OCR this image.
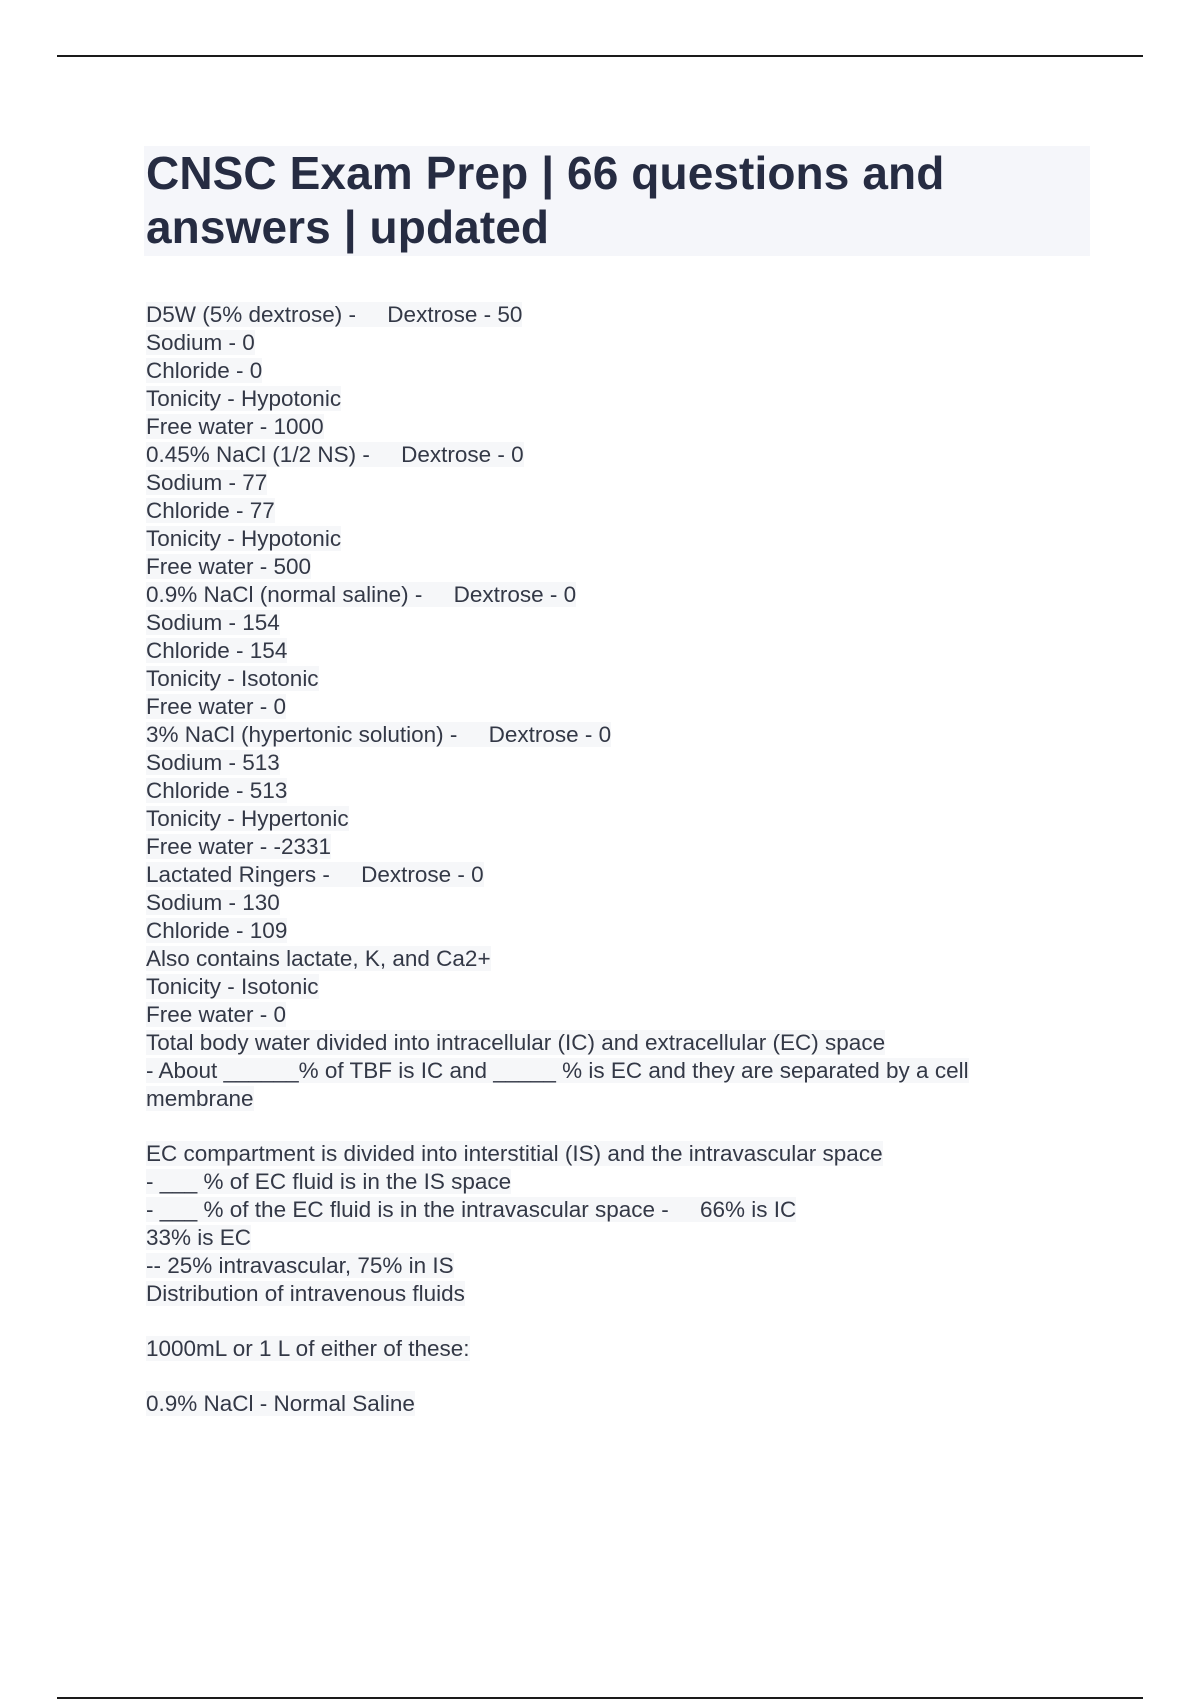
CNSC Exam Prep | 66 questions and answers | updated
D5W (5% dextrose) -     Dextrose - 50
Sodium - 0
Chloride - 0
Tonicity - Hypotonic
Free water - 1000
0.45% NaCl (1/2 NS) -     Dextrose - 0
Sodium - 77
Chloride - 77
Tonicity - Hypotonic
Free water - 500
0.9% NaCl (normal saline) -     Dextrose - 0
Sodium - 154
Chloride - 154
Tonicity - Isotonic
Free water - 0
3% NaCl (hypertonic solution) -     Dextrose - 0
Sodium - 513
Chloride - 513
Tonicity - Hypertonic
Free water - -2331
Lactated Ringers -     Dextrose - 0
Sodium - 130
Chloride - 109
Also contains lactate, K, and Ca2+
Tonicity - Isotonic
Free water - 0
Total body water divided into intracellular (IC) and extracellular (EC) space
- About ______% of TBF is IC and _____ % is EC and they are separated by a cell
membrane
EC compartment is divided into interstitial (IS) and the intravascular space
- ___ % of EC fluid is in the IS space
- ___ % of the EC fluid is in the intravascular space -     66% is IC
33% is EC
-- 25% intravascular, 75% in IS
Distribution of intravenous fluids
1000mL or 1 L of either of these:
0.9% NaCl - Normal Saline
